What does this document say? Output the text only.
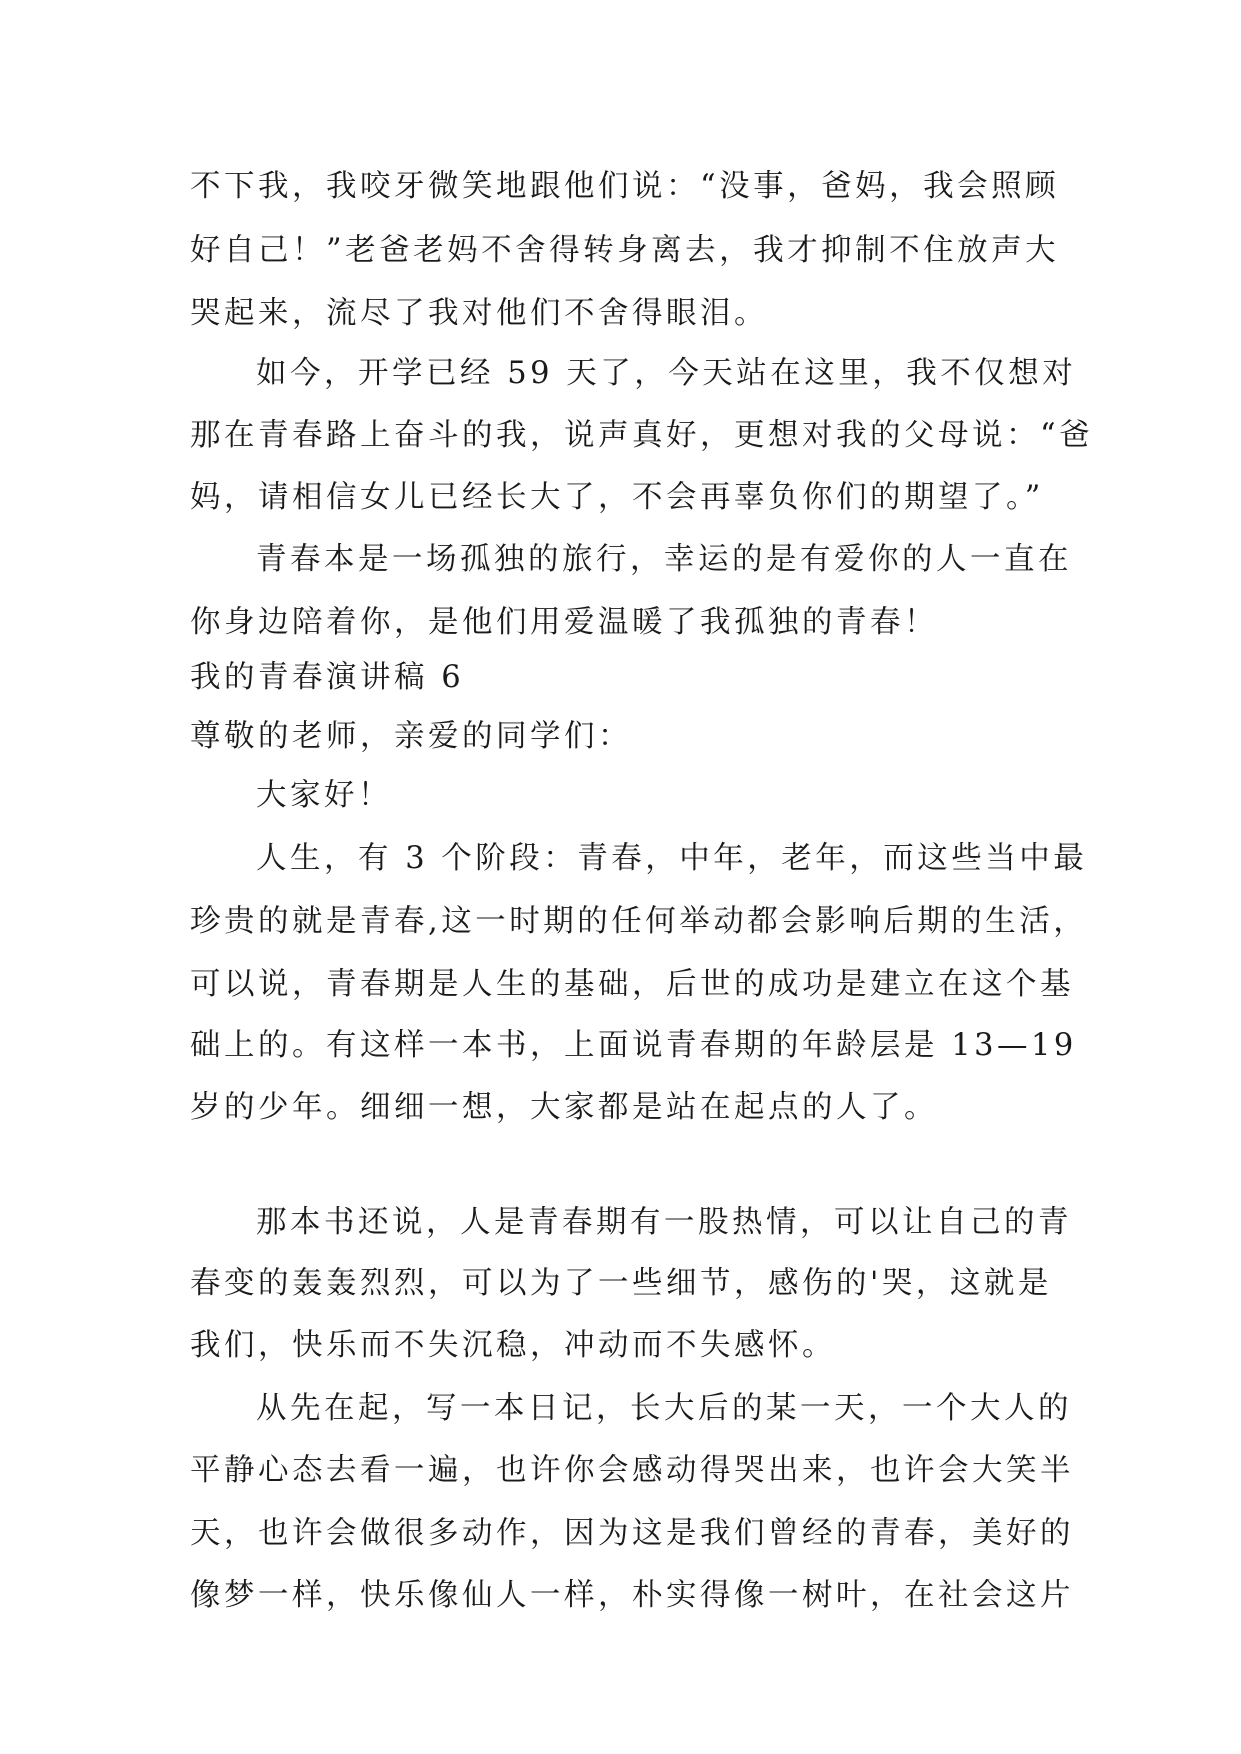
不下我，我咬牙微笑地跟他们说：“没事，爸妈，我会照顾
好自己！”老爸老妈不舍得转身离去，我才抑制不住放声大
哭起来，流尽了我对他们不舍得眼泪。
如今，开学已经 59 天了，今天站在这里，我不仅想对
那在青春路上奋斗的我，说声真好，更想对我的父母说：“爸
妈，请相信女儿已经长大了，不会再辜负你们的期望了。”
青春本是一场孤独的旅行，幸运的是有爱你的人一直在
你身边陪着你，是他们用爱温暖了我孤独的青春！
我的青春演讲稿 6
尊敬的老师，亲爱的同学们：
大家好！
人生，有 3 个阶段：青春，中年，老年，而这些当中最
珍贵的就是青春,这一时期的任何举动都会影响后期的生活，
可以说，青春期是人生的基础，后世的成功是建立在这个基
础上的。有这样一本书，上面说青春期的年龄层是 13—19
岁的少年。细细一想，大家都是站在起点的人了。
那本书还说，人是青春期有一股热情，可以让自己的青
春变的轰轰烈烈，可以为了一些细节，感伤的'哭，这就是
我们，快乐而不失沉稳，冲动而不失感怀。
从先在起，写一本日记，长大后的某一天，一个大人的
平静心态去看一遍，也许你会感动得哭出来，也许会大笑半
天，也许会做很多动作，因为这是我们曾经的青春，美好的
像梦一样，快乐像仙人一样，朴实得像一树叶，在社会这片
